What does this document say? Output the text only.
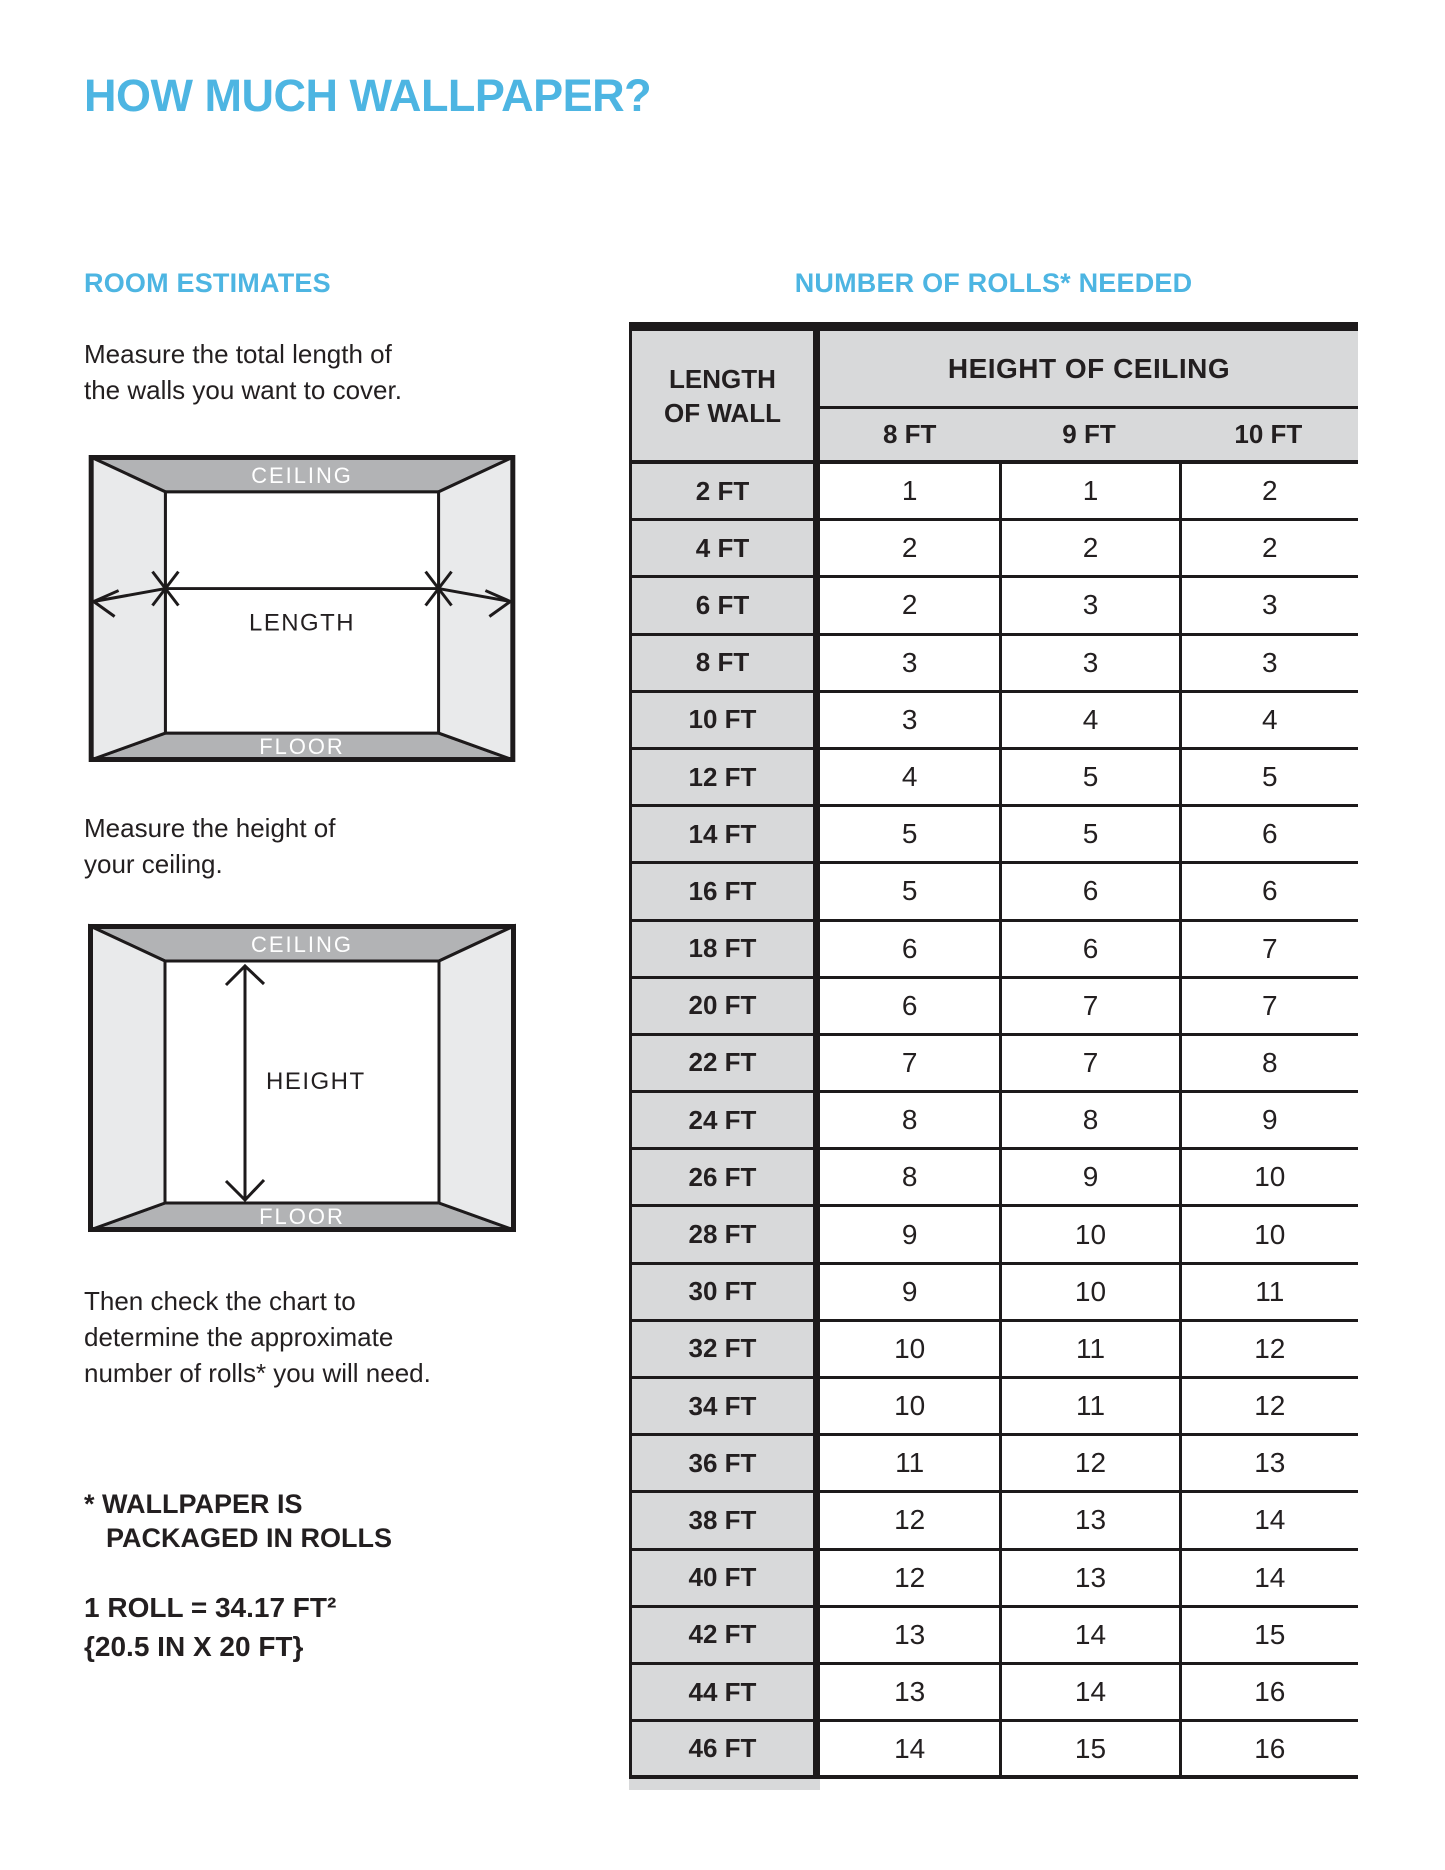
HOW MUCH WALLPAPER?
ROOM ESTIMATES	NUMBER OF ROLLS* NEEDED
Measure the total length of
the walls you want to cover.
CEILING
FLOOR
LENGTH
Measure the height of
your ceiling.
CEILING
FLOOR
HEIGHT
Then check the chart to
determine the approximate
number of rolls* you will need.
* WALLPAPER IS
PACKAGED IN ROLLS
1 ROLL = 34.17 FT²
{20.5 IN X 20 FT}
LENGTH
OF WALL
HEIGHT OF CEILING
8 FT	9 FT	10 FT
2 FT	1	1	2
4 FT	2	2	2
6 FT	2	3	3
8 FT	3	3	3
10 FT	3	4	4
12 FT	4	5	5
14 FT	5	5	6
16 FT	5	6	6
18 FT	6	6	7
20 FT	6	7	7
22 FT	7	7	8
24 FT	8	8	9
26 FT	8	9	10
28 FT	9	10	10
30 FT	9	10	11
32 FT	10	11	12
34 FT	10	11	12
36 FT	11	12	13
38 FT	12	13	14
40 FT	12	13	14
42 FT	13	14	15
44 FT	13	14	16
46 FT	14	15	16
